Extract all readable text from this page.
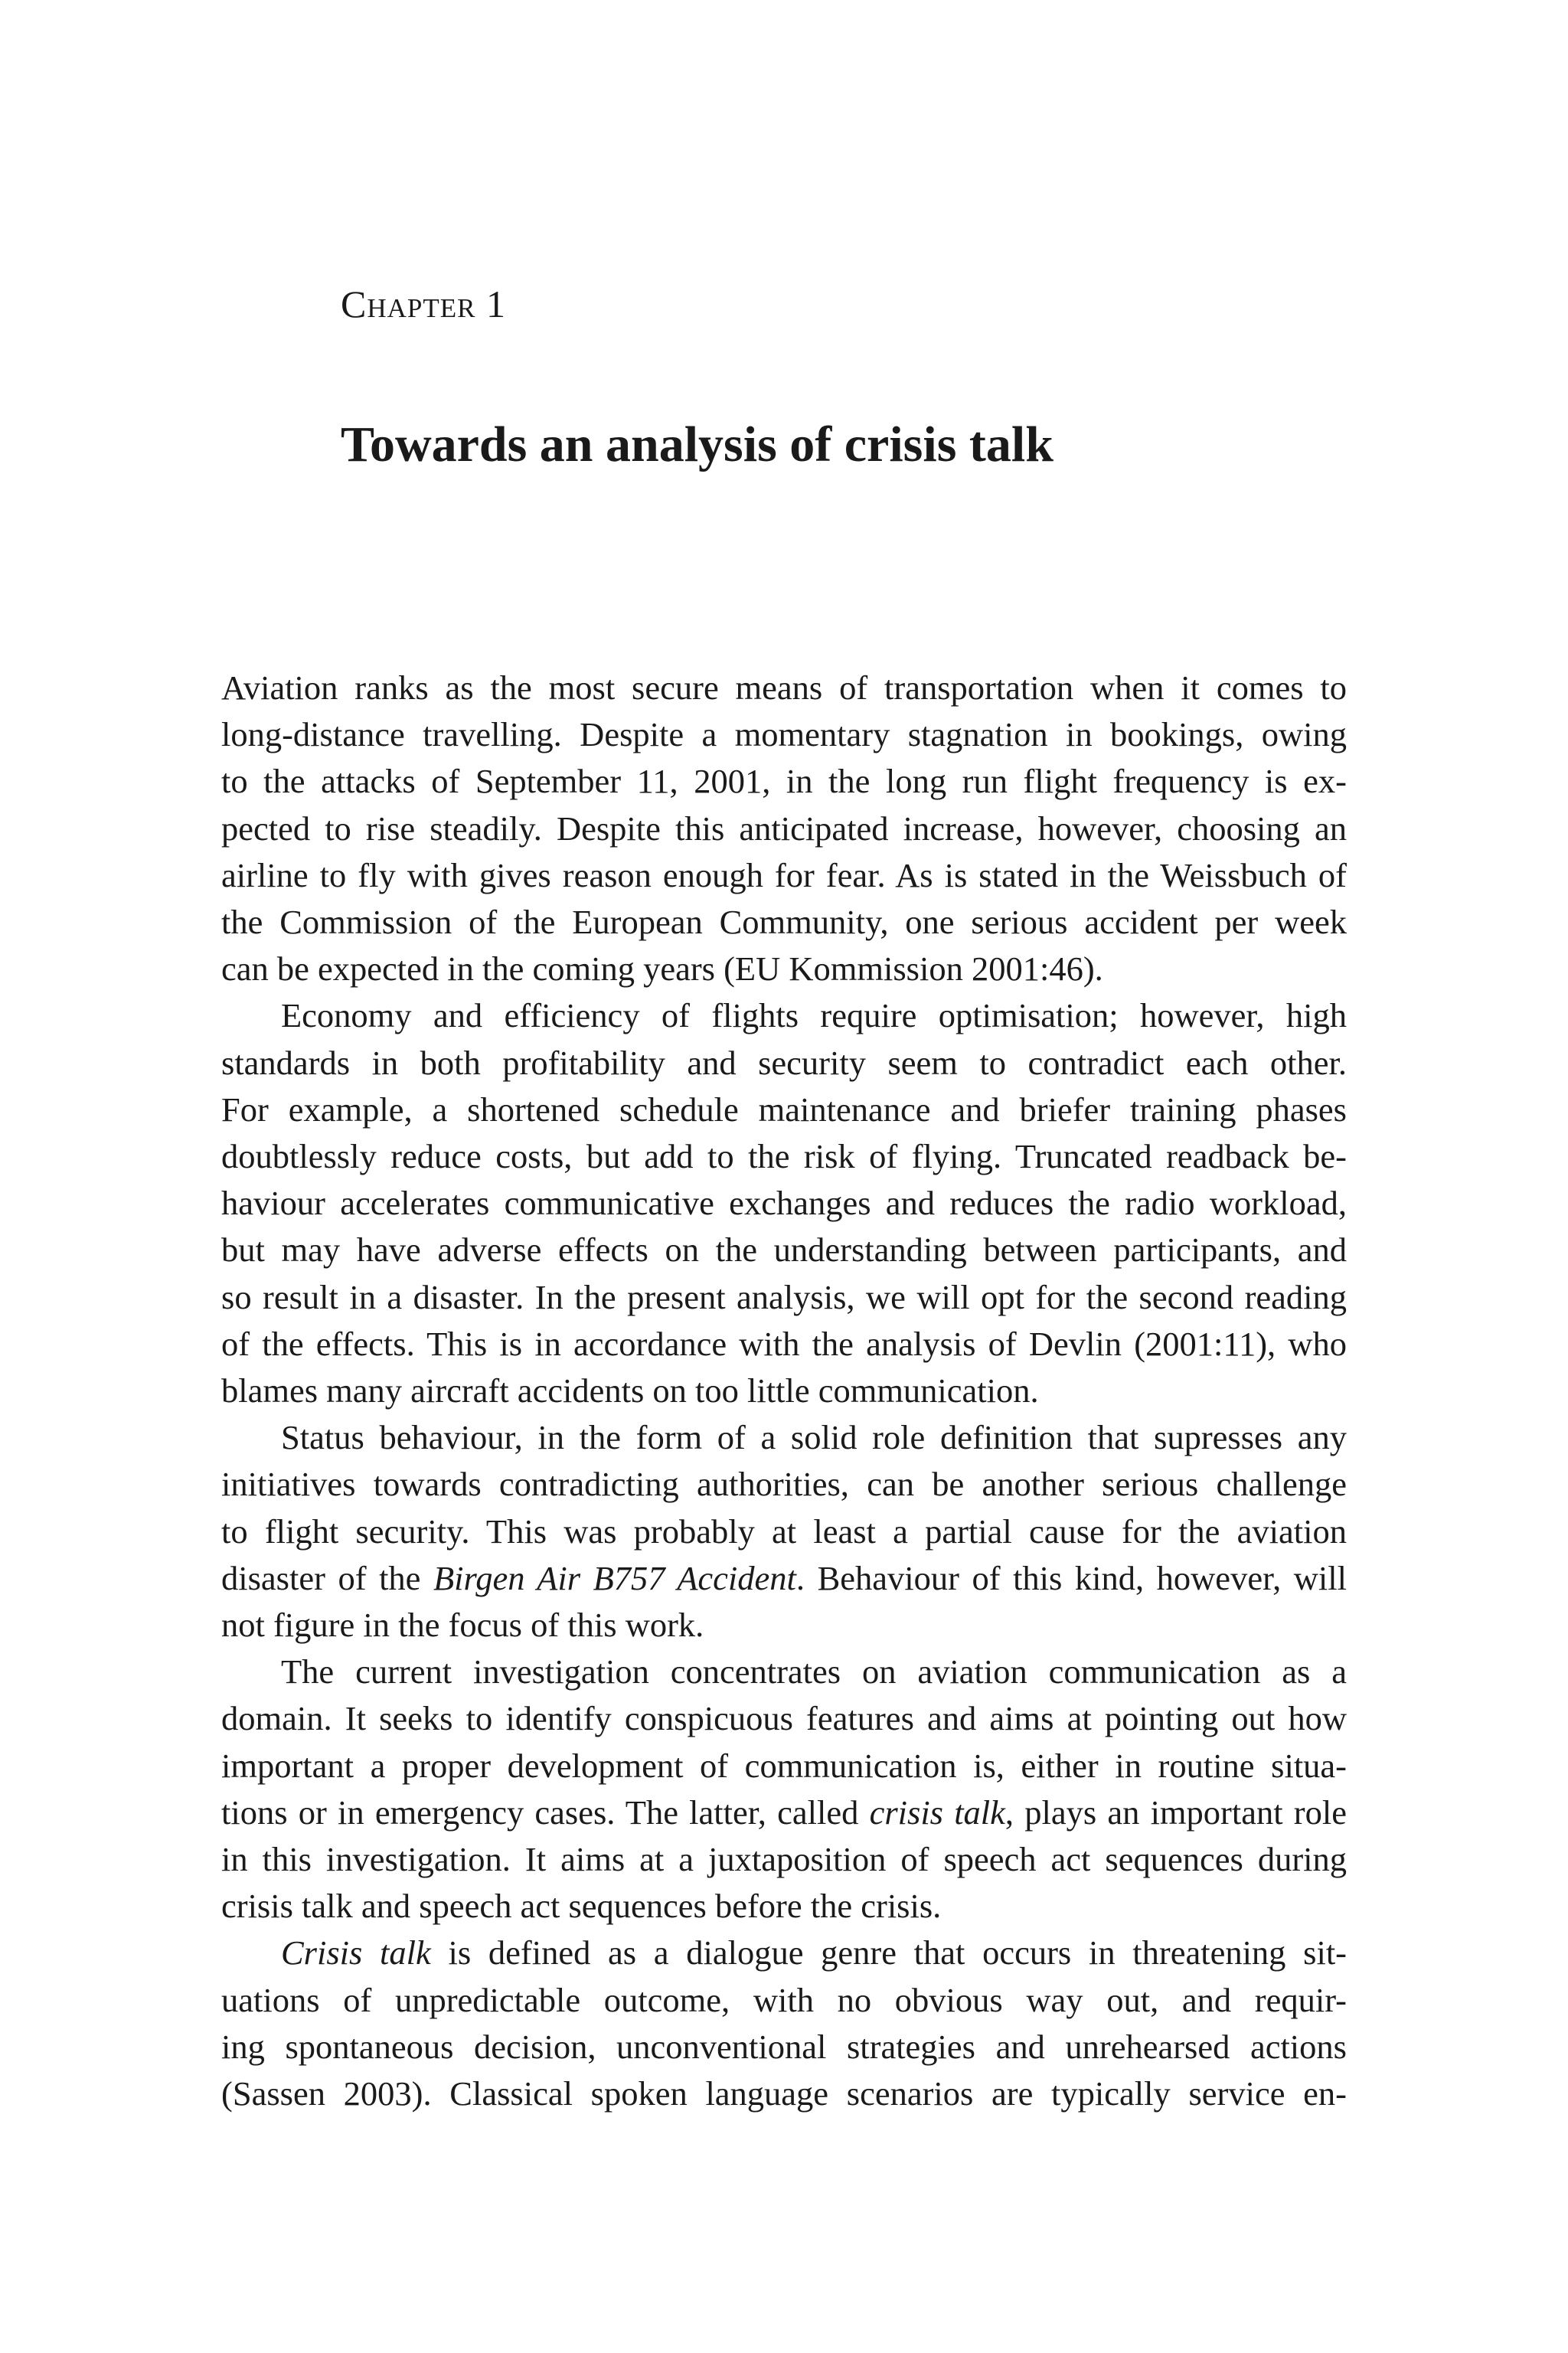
Chapter 1
Towards an analysis of crisis talk

Aviation ranks as the most secure means of transportation when it comes to
long-distance travelling. Despite a momentary stagnation in bookings, owing
to the attacks of September 11, 2001, in the long run flight frequency is ex-
pected to rise steadily. Despite this anticipated increase, however, choosing an
airline to fly with gives reason enough for fear. As is stated in the Weissbuch of
the Commission of the European Community, one serious accident per week
can be expected in the coming years (EU Kommission 2001:46).

Economy and efficiency of flights require optimisation; however, high
standards in both profitability and security seem to contradict each other.
For example, a shortened schedule maintenance and briefer training phases
doubtlessly reduce costs, but add to the risk of flying. Truncated readback be-
haviour accelerates communicative exchanges and reduces the radio workload,
but may have adverse effects on the understanding between participants, and
so result in a disaster. In the present analysis, we will opt for the second reading
of the effects. This is in accordance with the analysis of Devlin (2001:11), who
blames many aircraft accidents on too little communication.

Status behaviour, in the form of a solid role definition that supresses any
initiatives towards contradicting authorities, can be another serious challenge
to flight security. This was probably at least a partial cause for the aviation
disaster of the Birgen Air B757 Accident. Behaviour of this kind, however, will
not figure in the focus of this work.

The current investigation concentrates on aviation communication as a
domain. It seeks to identify conspicuous features and aims at pointing out how
important a proper development of communication is, either in routine situa-
tions or in emergency cases. The latter, called crisis talk, plays an important role
in this investigation. It aims at a juxtaposition of speech act sequences during
crisis talk and speech act sequences before the crisis.

Crisis talk is defined as a dialogue genre that occurs in threatening sit-
uations of unpredictable outcome, with no obvious way out, and requir-
ing spontaneous decision, unconventional strategies and unrehearsed actions
(Sassen 2003). Classical spoken language scenarios are typically service en-
